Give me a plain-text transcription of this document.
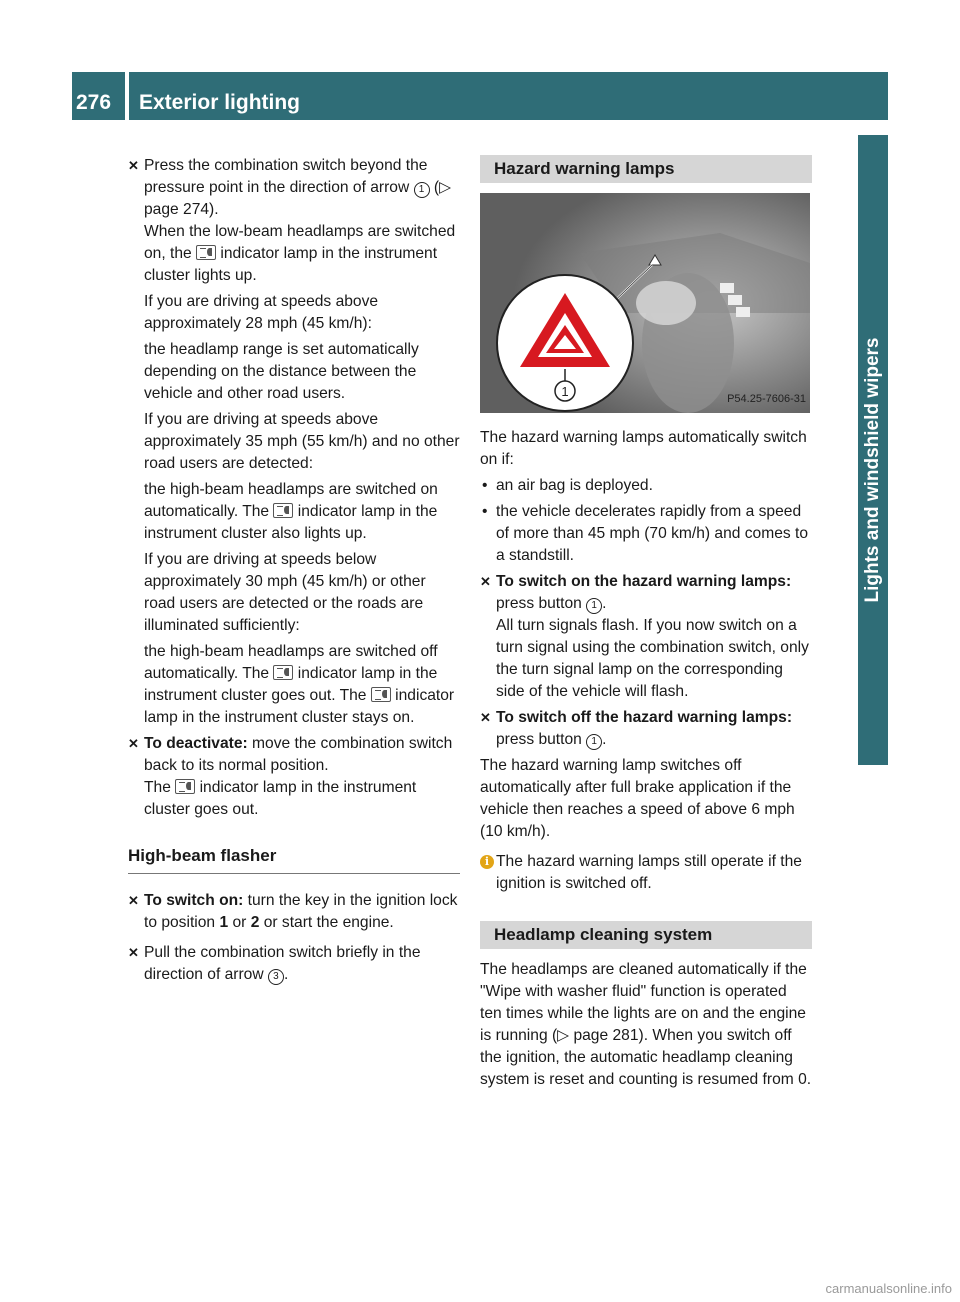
276	Exterior lighting
Lights and windshield wipers
✕ Press the combination switch beyond the pressure point in the direction of arrow 1 (▷ page 274).
When the low-beam headlamps are switched on, the indicator lamp in the instrument cluster lights up.

If you are driving at speeds above approximately 28 mph (45 km/h):

the headlamp range is set automatically depending on the distance between the vehicle and other road users.

If you are driving at speeds above approximately 35 mph (55 km/h) and no other road users are detected:

the high-beam headlamps are switched on automatically. The indicator lamp in the instrument cluster also lights up.

If you are driving at speeds below approximately 30 mph (45 km/h) or other road users are detected or the roads are illuminated sufficiently:

the high-beam headlamps are switched off automatically. The indicator lamp in the instrument cluster goes out. The indicator lamp in the instrument cluster stays on.

✕ To deactivate: move the combination switch back to its normal position.
The indicator lamp in the instrument cluster goes out.

High-beam flasher
✕ To switch on: turn the key in the ignition lock to position 1 or 2 or start the engine.

✕ Pull the combination switch briefly in the direction of arrow 3 .

Hazard warning lamps
1	P54.25-7606-31

The hazard warning lamps automatically switch on if:

• an air bag is deployed.

• the vehicle decelerates rapidly from a speed of more than 45 mph (70 km/h) and comes to a standstill.

✕ To switch on the hazard warning lamps:
press button 1 .
All turn signals flash. If you now switch on a turn signal using the combination switch, only the turn signal lamp on the corresponding side of the vehicle will flash.

✕ To switch off the hazard warning lamps: press button 1 .

The hazard warning lamp switches off automatically after full brake application if the vehicle then reaches a speed of above 6 mph (10 km/h).

i The hazard warning lamps still operate if the ignition is switched off.

Headlamp cleaning system

The headlamps are cleaned automatically if the "Wipe with washer fluid" function is operated ten times while the lights are on and the engine is running (▷ page 281). When you switch off the ignition, the automatic headlamp cleaning system is reset and counting is resumed from 0.

carmanualsonline.info
